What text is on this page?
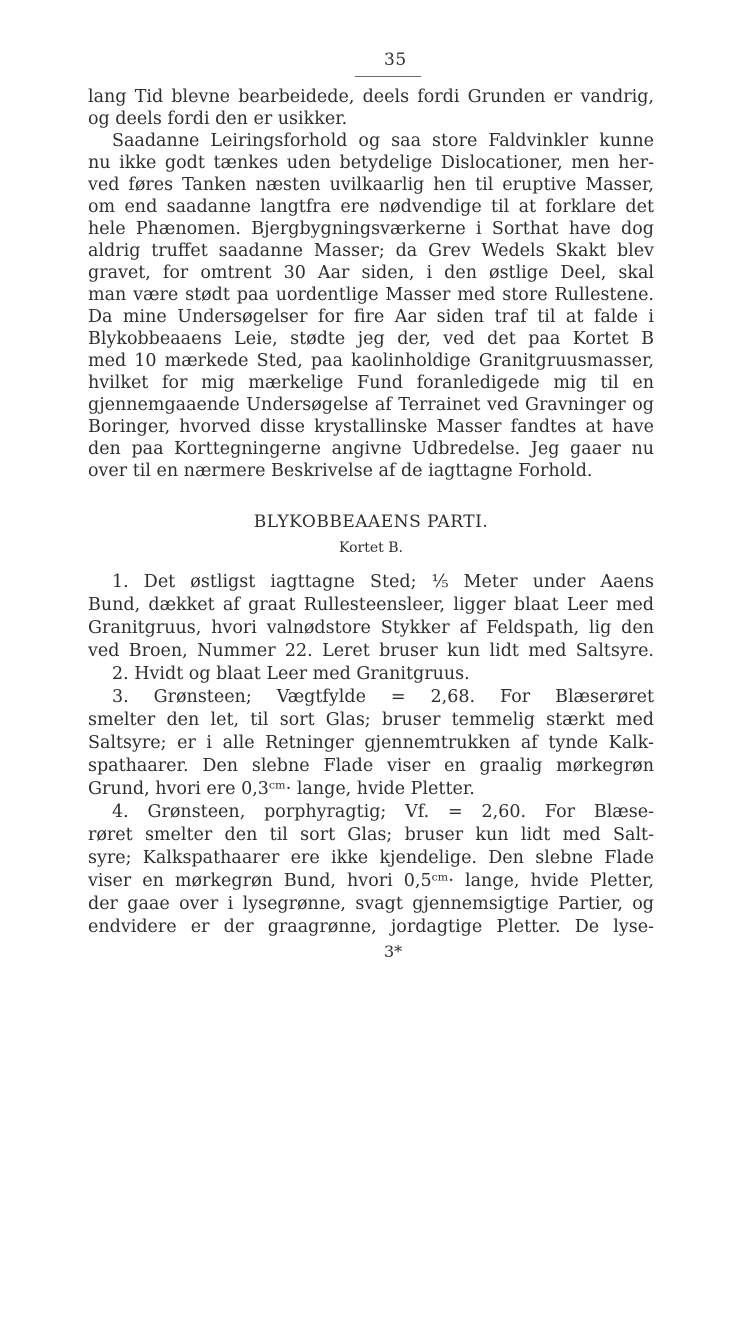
35
lang Tid blevne bearbeidede, deels fordi Grunden er vandrig,
og deels fordi den er usikker.
Saadanne Leiringsforhold og saa store Faldvinkler kunne
nu ikke godt tænkes uden betydelige Dislocationer, men her-
ved føres Tanken næsten uvilkaarlig hen til eruptive Masser,
om end saadanne langtfra ere nødvendige til at forklare det
hele Phænomen. Bjergbygningsværkerne i Sorthat have dog
aldrig truffet saadanne Masser; da Grev Wedels Skakt blev
gravet, for omtrent 30 Aar siden, i den østlige Deel, skal
man være stødt paa uordentlige Masser med store Rullestene.
Da mine Undersøgelser for fire Aar siden traf til at falde i
Blykobbeaaens Leie, stødte jeg der, ved det paa Kortet B
med 10 mærkede Sted, paa kaolinholdige Granitgruusmasser,
hvilket for mig mærkelige Fund foranledigede mig til en
gjennemgaaende Undersøgelse af Terrainet ved Gravninger og
Boringer, hvorved disse krystallinske Masser fandtes at have
den paa Korttegningerne angivne Udbredelse. Jeg gaaer nu
over til en nærmere Beskrivelse af de iagttagne Forhold.
BLYKOBBEAAENS PARTI.
Kortet B.
1. Det østligst iagttagne Sted; ⅕ Meter under Aaens
Bund, dækket af graat Rullesteensleer, ligger blaat Leer med
Granitgruus, hvori valnødstore Stykker af Feldspath, lig den
ved Broen, Nummer 22. Leret bruser kun lidt med Saltsyre.
2. Hvidt og blaat Leer med Granitgruus.
3. Grønsteen; Vægtfylde = 2,68. For Blæserøret
smelter den let, til sort Glas; bruser temmelig stærkt med
Saltsyre; er i alle Retninger gjennemtrukken af tynde Kalk-
spathaarer. Den slebne Flade viser en graalig mørkegrøn
Grund, hvori ere 0,3ᶜᵐ· lange, hvide Pletter.
4. Grønsteen, porphyragtig; Vf. = 2,60. For Blæse-
røret smelter den til sort Glas; bruser kun lidt med Salt-
syre; Kalkspathaarer ere ikke kjendelige. Den slebne Flade
viser en mørkegrøn Bund, hvori 0,5ᶜᵐ· lange, hvide Pletter,
der gaae over i lysegrønne, svagt gjennemsigtige Partier, og
endvidere er der graagrønne, jordagtige Pletter. De lyse-
3*
